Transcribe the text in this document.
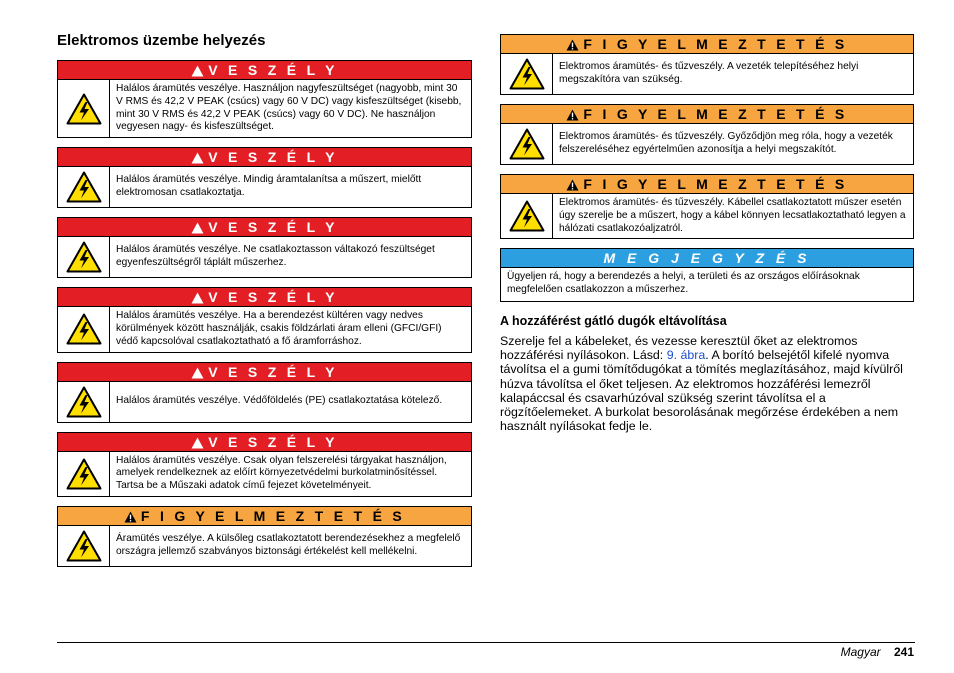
Elektromos üzembe helyezés
V E S Z É L Y
Halálos áramütés veszélye. Használjon nagyfeszültséget (nagyobb, mint 30 V RMS és 42,2 V PEAK (csúcs) vagy 60 V DC) vagy kisfeszültséget (kisebb, mint 30 V RMS és 42,2 V PEAK (csúcs) vagy 60 V DC). Ne használjon vegyesen nagy- és kisfeszültséget.
V E S Z É L Y
Halálos áramütés veszélye. Mindig áramtalanítsa a műszert, mielőtt elektromosan csatlakoztatja.
V E S Z É L Y
Halálos áramütés veszélye. Ne csatlakoztasson váltakozó feszültséget egyenfeszültségről táplált műszerhez.
V E S Z É L Y
Halálos áramütés veszélye. Ha a berendezést kültéren vagy nedves körülmények között használják, csakis földzárlati áram elleni (GFCI/GFI) védő kapcsolóval csatlakoztatható a fő áramforráshoz.
V E S Z É L Y
Halálos áramütés veszélye. Védőföldelés (PE) csatlakoztatása kötelező.
V E S Z É L Y
Halálos áramütés veszélye. Csak olyan felszerelési tárgyakat használjon, amelyek rendelkeznek az előírt környezetvédelmi burkolatminősítéssel. Tartsa be a Műszaki adatok című fejezet követelményeit.
F I G Y E L M E Z T E T É S
Áramütés veszélye. A külsőleg csatlakoztatott berendezésekhez a megfelelő országra jellemző szabványos biztonsági értékelést kell mellékelni.
F I G Y E L M E Z T E T É S
Elektromos áramütés- és tűzveszély. A vezeték telepítéséhez helyi megszakítóra van szükség.
F I G Y E L M E Z T E T É S
Elektromos áramütés- és tűzveszély. Győződjön meg róla, hogy a vezeték felszereléséhez egyértelműen azonosítja a helyi megszakítót.
F I G Y E L M E Z T E T É S
Elektromos áramütés- és tűzveszély. Kábellel csatlakoztatott műszer esetén úgy szerelje be a műszert, hogy a kábel könnyen lecsatlakoztatható legyen a hálózati csatlakozóaljzatról.
M E G J E G Y Z É S
Ügyeljen rá, hogy a berendezés a helyi, a területi és az országos előírásoknak megfelelően csatlakozzon a műszerhez.
A hozzáférést gátló dugók eltávolítása

Szerelje fel a kábeleket, és vezesse keresztül őket az elektromos hozzáférési nyílásokon. Lásd: 9. ábra. A borító belsejétől kifelé nyomva távolítsa el a gumi tömítődugókat a tömítés meglazításához, majd kívülről húzva távolítsa el őket teljesen. Az elektromos hozzáférési lemezről kalapáccsal és csavarhúzóval szükség szerint távolítsa el a rögzítőelemeket. A burkolat besorolásának megőrzése érdekében a nem használt nyílásokat fedje le.

Magyar 241
